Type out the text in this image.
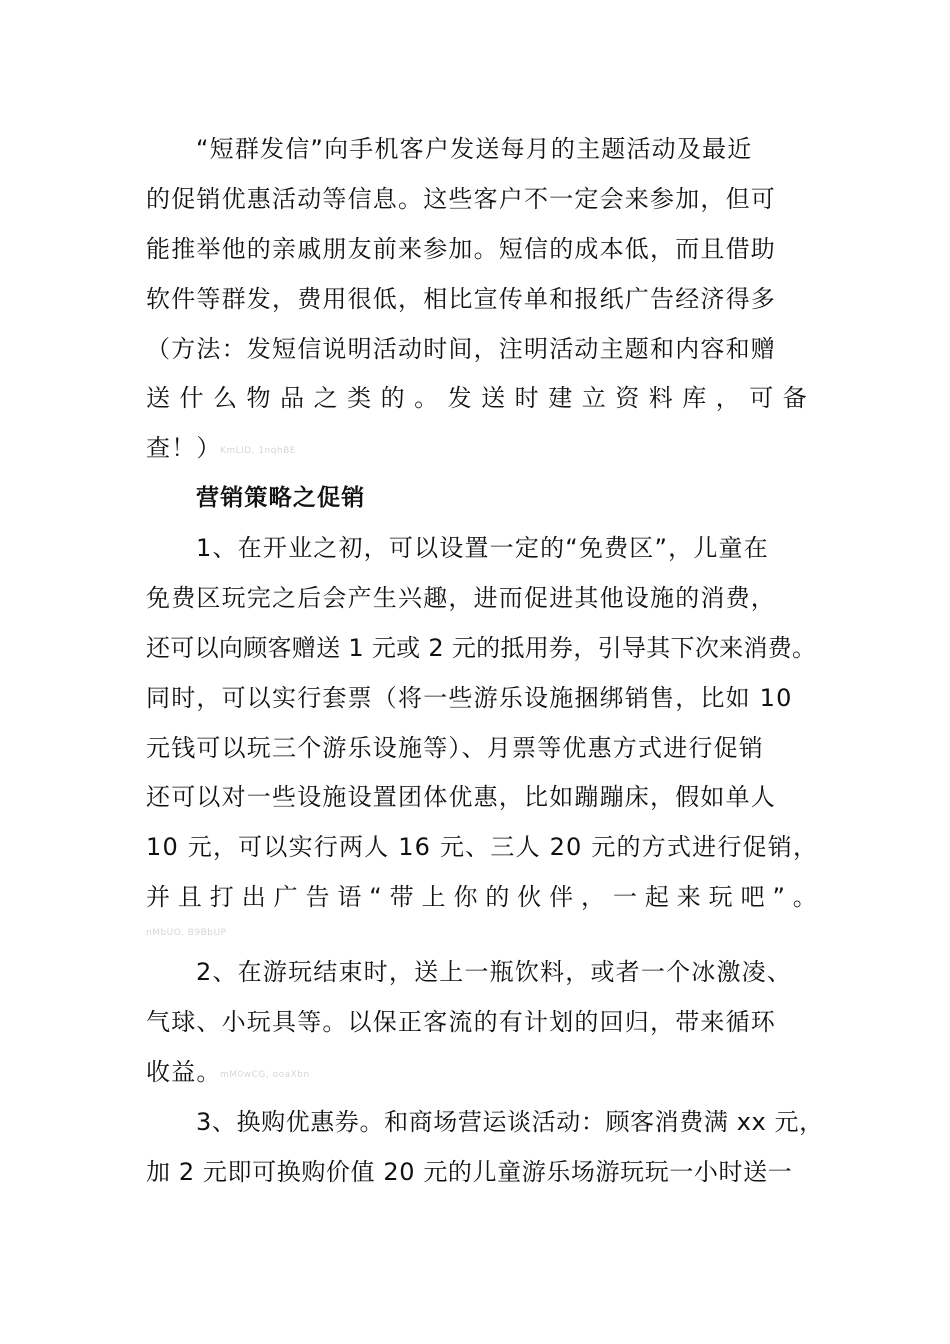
“短群发信”向手机客户发送每月的主题活动及最近
的促销优惠活动等信息。这些客户不一定会来参加，但可
能推举他的亲戚朋友前来参加。短信的成本低，而且借助
软件等群发，费用很低，相比宣传单和报纸广告经济得多
（方法：发短信说明活动时间，注明活动主题和内容和赠
送什么物品之类的。发送时建立资料库，可备
查！）
KmLlD, 1nqhBE
营销策略之促销
1、在开业之初，可以设置一定的“免费区”，儿童在
免费区玩完之后会产生兴趣，进而促进其他设施的消费，
还可以向顾客赠送 1 元或 2 元的抵用券，引导其下次来消费。
同时，可以实行套票（将一些游乐设施捆绑销售，比如 10
元钱可以玩三个游乐设施等）、月票等优惠方式进行促销
还可以对一些设施设置团体优惠，比如蹦蹦床，假如单人
10 元，可以实行两人 16 元、三人 20 元的方式进行促销，
并且打出广告语“带上你的伙伴，一起来玩吧”。
nMbUO. B9BbUP
2、在游玩结束时，送上一瓶饮料，或者一个冰激凌、
气球、小玩具等。以保正客流的有计划的回归，带来循环
收益。
mM0wCG, ooaXbn
3、换购优惠券。和商场营运谈活动：顾客消费满 xx 元，
加 2 元即可换购价值 20 元的儿童游乐场游玩玩一小时送一
